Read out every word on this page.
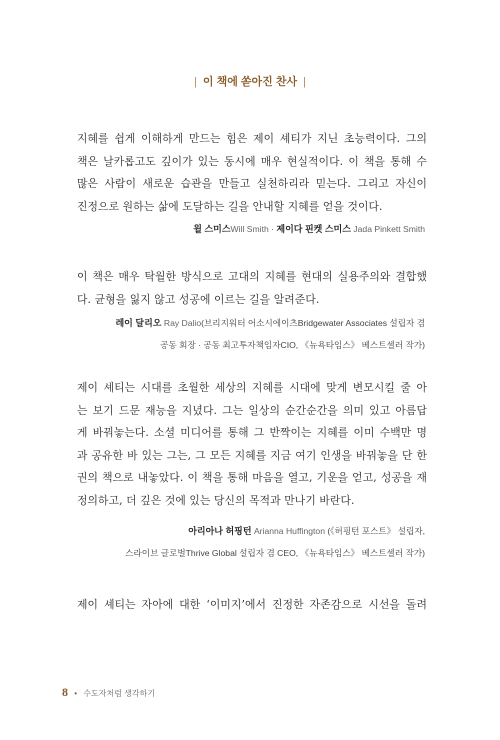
| 이 책에 쏟아진 찬사 |
지혜를 쉽게 이해하게 만드는 힘은 제이 셰티가 지닌 초능력이다. 그의
책은 날카롭고도 깊이가 있는 동시에 매우 현실적이다. 이 책을 통해 수
많은 사람이 새로운 습관을 만들고 실천하리라 믿는다. 그리고 자신이
진정으로 원하는 삶에 도달하는 길을 안내할 지혜를 얻을 것이다.
윌 스미스Will Smith · 제이다 핀켓 스미스 Jada Pinkett Smith
이 책은 매우 탁월한 방식으로 고대의 지혜를 현대의 실용주의와 결합했
다. 균형을 잃지 않고 성공에 이르는 길을 알려준다.
레이 달리오 Ray Dalio(브리지워터 어소시에이츠Bridgewater Associates 설립자 겸
공동 회장 · 공동 최고투자책임자CIO, 《뉴욕타임스》 베스트셀러 작가)
제이 셰티는 시대를 초월한 세상의 지혜를 시대에 맞게 변모시킬 줄 아
는 보기 드문 재능을 지녔다. 그는 일상의 순간순간을 의미 있고 아름답
게 바꿔놓는다. 소셜 미디어를 통해 그 반짝이는 지혜를 이미 수백만 명
과 공유한 바 있는 그는, 그 모든 지혜를 지금 여기 인생을 바꿔놓을 단 한
권의 책으로 내놓았다. 이 책을 통해 마음을 열고, 기운을 얻고, 성공을 재
정의하고, 더 깊은 것에 있는 당신의 목적과 만나기 바란다.
아리아나 허핑턴 Arianna Huffington (《허핑턴 포스트》 설립자,
스라이브 글로벌Thrive Global 설립자 겸 CEO, 《뉴욕타임스》 베스트셀러 작가)
제이 셰티는 자아에 대한 ‘이미지’에서 진정한 자존감으로 시선을 돌려
8 • 수도자처럼 생각하기
